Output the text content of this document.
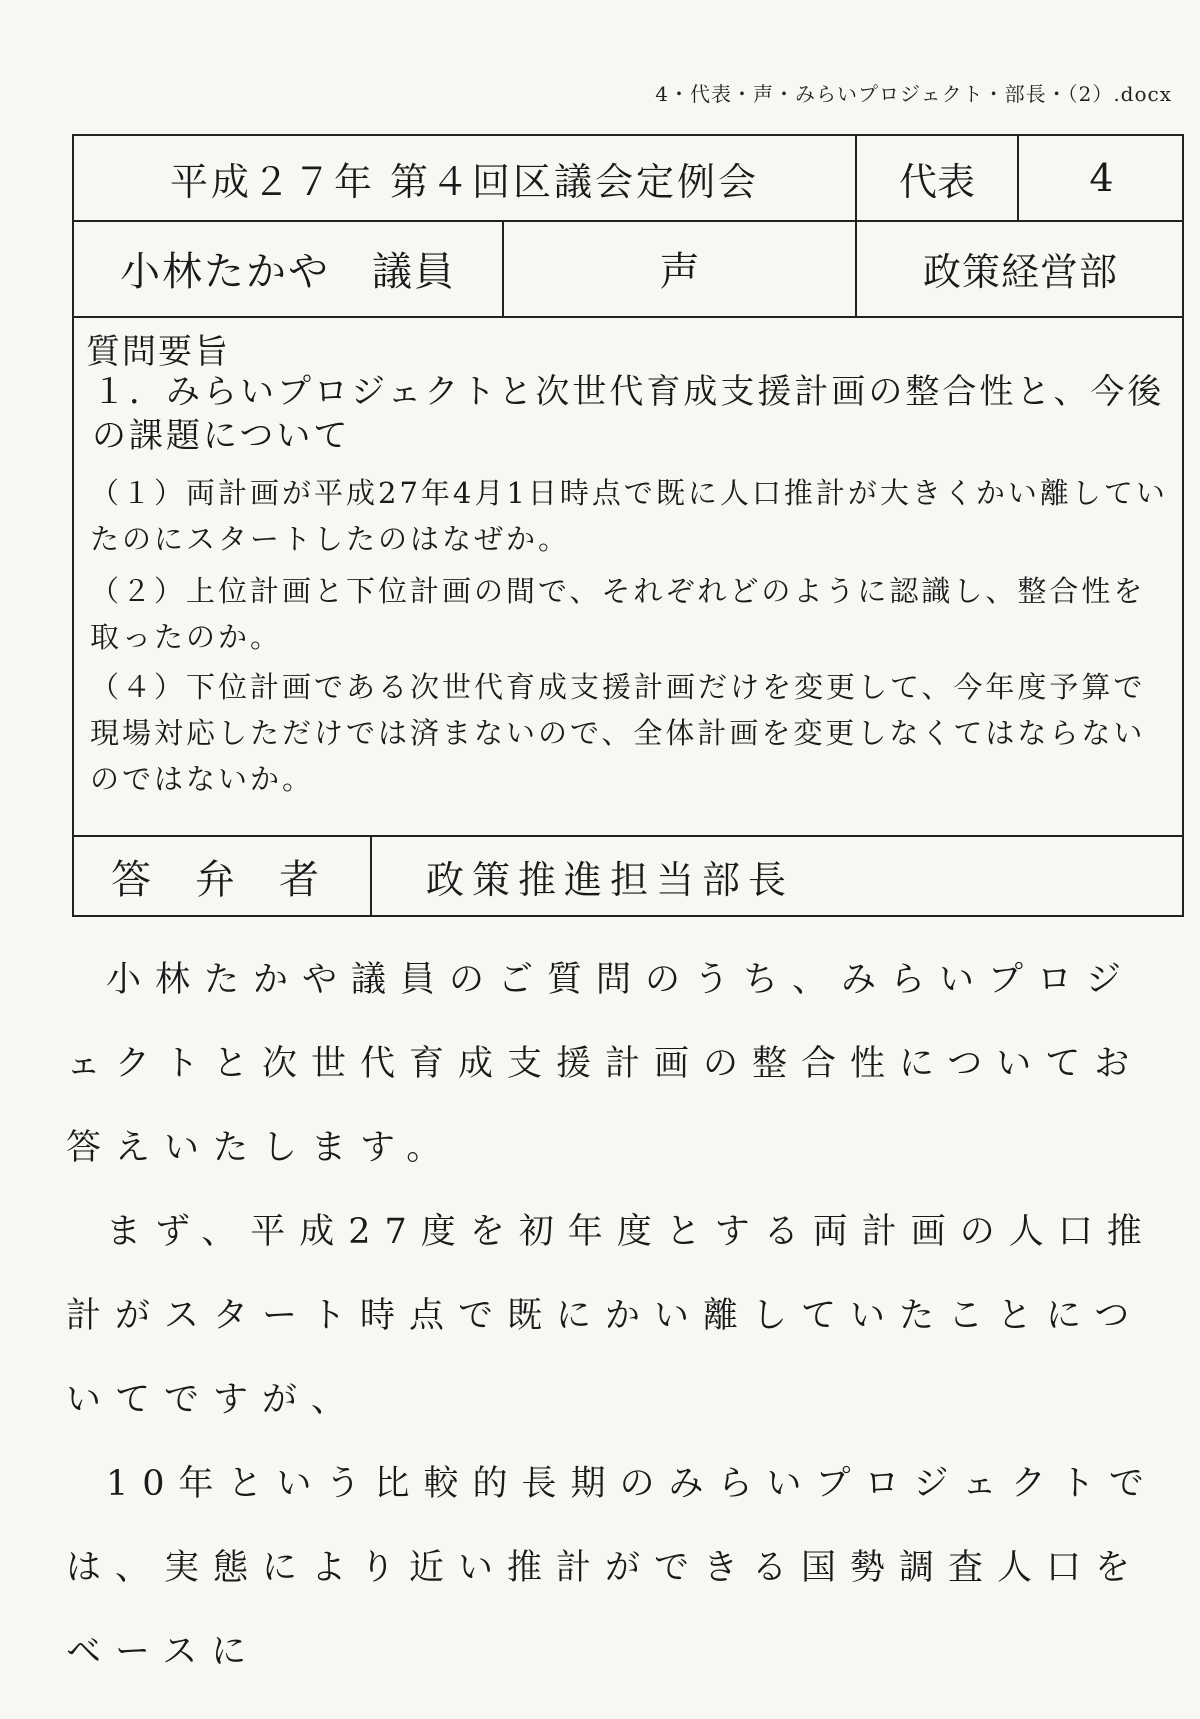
4・代表・声・みらいプロジェクト・部長・（2）.docx
平成２７年 第４回区議会定例会	代表	4
小林たかや　議員	声	政策経営部
質問要旨
１．みらいプロジェクトと次世代育成支援計画の整合性と、今後の課題について
（１）両計画が平成27年4月1日時点で既に人口推計が大きくかい離していたのにスタートしたのはなぜか。
（２）上位計画と下位計画の間で、それぞれどのように認識し、整合性を取ったのか。
（４）下位計画である次世代育成支援計画だけを変更して、今年度予算で現場対応しただけでは済まないので、全体計画を変更しなくてはならないのではないか。
答弁者 政策推進担当部長

小林たかや議員のご質問のうち、みらいプロジェクトと次世代育成支援計画の整合性についてお答えいたします。

まず、平成27度を初年度とする両計画の人口推計がスタート時点で既にかい離していたことについてですが、

10年という比較的長期のみらいプロジェクトでは、実態により近い推計ができる国勢調査人口をベースに
